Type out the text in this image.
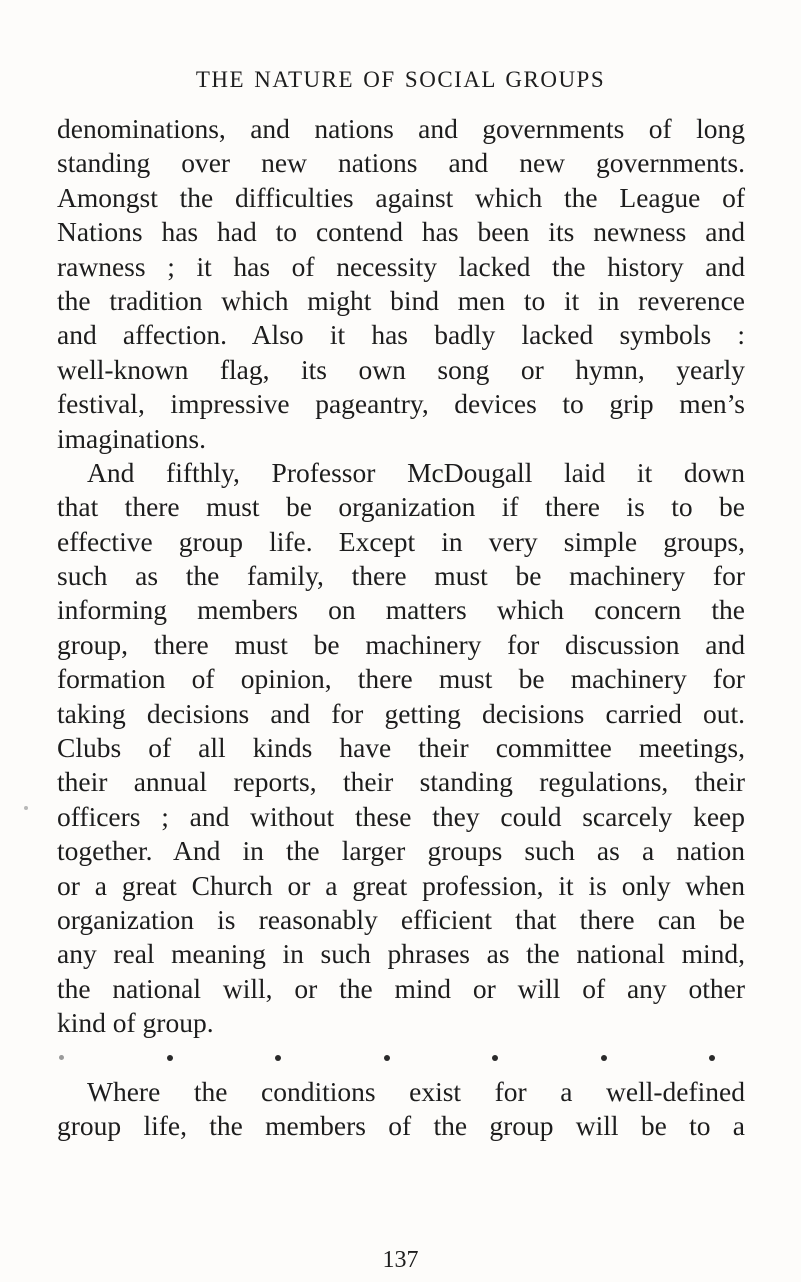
THE NATURE OF SOCIAL GROUPS
denominations, and nations and governments of long
standing over new nations and new governments.
Amongst the difficulties against which the League of
Nations has had to contend has been its newness and
rawness ; it has of necessity lacked the history and
the tradition which might bind men to it in reverence
and affection. Also it has badly lacked symbols :
well-known flag, its own song or hymn, yearly
festival, impressive pageantry, devices to grip men’s
imaginations.
And fifthly, Professor McDougall laid it down
that there must be organization if there is to be
effective group life. Except in very simple groups,
such as the family, there must be machinery for
informing members on matters which concern the
group, there must be machinery for discussion and
formation of opinion, there must be machinery for
taking decisions and for getting decisions carried out.
Clubs of all kinds have their committee meetings,
their annual reports, their standing regulations, their
officers ; and without these they could scarcely keep
together. And in the larger groups such as a nation
or a great Church or a great profession, it is only when
organization is reasonably efficient that there can be
any real meaning in such phrases as the national mind,
the national will, or the mind or will of any other
kind of group.
Where the conditions exist for a well-defined
group life, the members of the group will be to a
137
